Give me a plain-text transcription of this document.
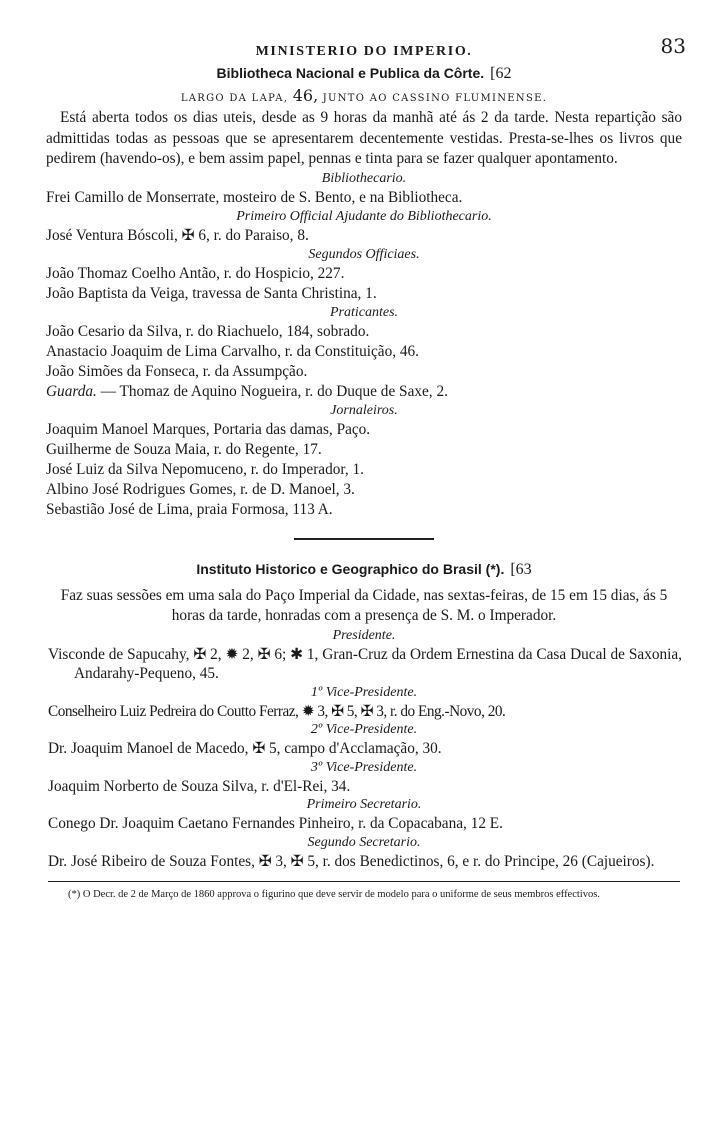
MINISTERIO DO IMPERIO.	83
Bibliotheca Nacional e Publica da Côrte. [62
LARGO DA LAPA, 46, JUNTO AO CASSINO FLUMINENSE.

Está aberta todos os dias uteis, desde as 9 horas da manhã até ás 2 da tarde. Nesta repartição são admittidas todas as pessoas que se apresentarem decentemente vestidas. Presta-se-lhes os livros que pedirem (havendo-os), e bem assim papel, pennas e tinta para se fazer qualquer apontamento.

Bibliothecario.
Frei Camillo de Monserrate, mosteiro de S. Bento, e na Bibliotheca.
Primeiro Official Ajudante do Bibliothecario.
José Ventura Bóscoli, ✠ 6, r. do Paraiso, 8.
Segundos Officiaes.
João Thomaz Coelho Antão, r. do Hospicio, 227.
João Baptista da Veiga, travessa de Santa Christina, 1.
Praticantes.
João Cesario da Silva, r. do Riachuelo, 184, sobrado.
Anastacio Joaquim de Lima Carvalho, r. da Constituição, 46.
João Simões da Fonseca, r. da Assumpção.
Guarda. — Thomaz de Aquino Nogueira, r. do Duque de Saxe, 2.
Jornaleiros.
Joaquim Manoel Marques, Portaria das damas, Paço.
Guilherme de Souza Maia, r. do Regente, 17.
José Luiz da Silva Nepomuceno, r. do Imperador, 1.
Albino José Rodrigues Gomes, r. de D. Manoel, 3.
Sebastião José de Lima, praia Formosa, 113 A.
Instituto Historico e Geographico do Brasil (*). [63

Faz suas sessões em uma sala do Paço Imperial da Cidade, nas sextas-feiras, de 15 em 15 dias, ás 5 horas da tarde, honradas com a presença de S. M. o Imperador.

Presidente.

Visconde de Sapucahy, ✠ 2, ✹ 2, ✠ 6; ✱ 1, Gran-Cruz da Ordem Ernestina da Casa Ducal de Saxonia, Andarahy-Pequeno, 45.

1º Vice-Presidente.

Conselheiro Luiz Pedreira do Coutto Ferraz, ✹ 3, ✠ 5, ✠ 3, r. do Eng.-Novo, 20.

2º Vice-Presidente.

Dr. Joaquim Manoel de Macedo, ✠ 5, campo d'Acclamação, 30.

3º Vice-Presidente.

Joaquim Norberto de Souza Silva, r. d'El-Rei, 34.

Primeiro Secretario.

Conego Dr. Joaquim Caetano Fernandes Pinheiro, r. da Copacabana, 12 E.

Segundo Secretario.

Dr. José Ribeiro de Souza Fontes, ✠ 3, ✠ 5, r. dos Benedictinos, 6, e r. do Principe, 26 (Cajueiros).

(*) O Decr. de 2 de Março de 1860 approva o figurino que deve servir de modelo para o uniforme de seus membros effectivos.
